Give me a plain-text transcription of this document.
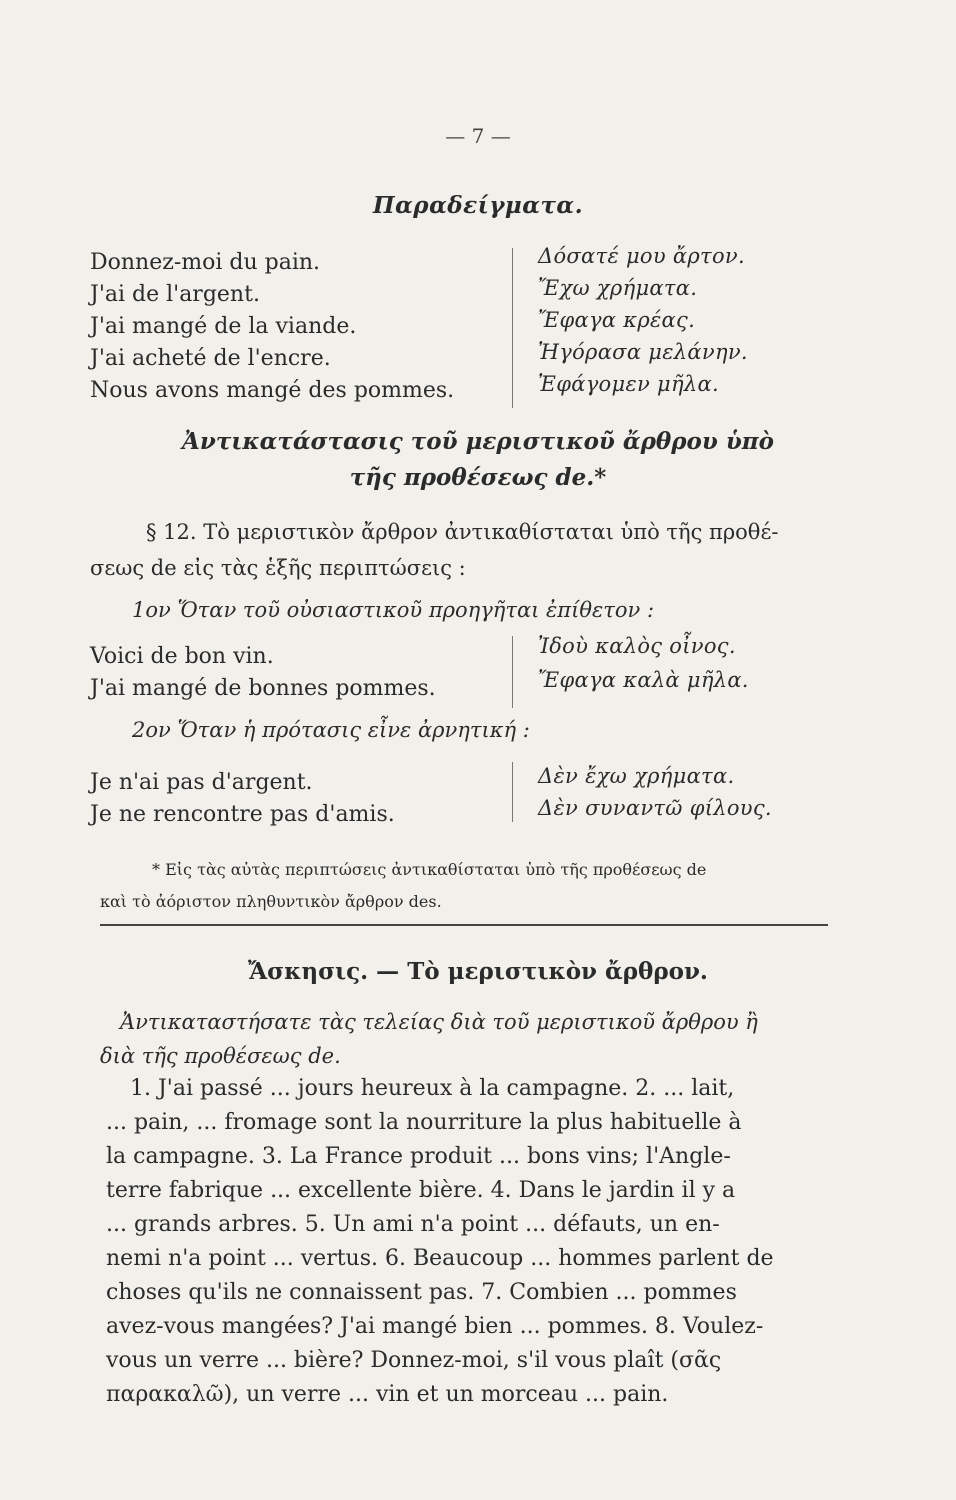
— 7 —
Παραδείγματα.
Donnez-moi du pain.
J'ai de l'argent.
J'ai mangé de la viande.
J'ai acheté de l'encre.
Nous avons mangé des pommes.
Δόσατέ μου ἄρτον.
Ἔχω χρήματα.
Ἔφαγα κρέας.
Ἠγόρασα μελάνην.
Ἐφάγομεν μῆλα.
Ἀντικατάστασις τοῦ μεριστικοῦ ἄρθρου ὑπὸ
τῆς προθέσεως de.*
§ 12. Τὸ μεριστικὸν ἄρθρον ἀντικαθίσταται ὑπὸ τῆς προθέ-
σεως de εἰς τὰς ἑξῆς περιπτώσεις :
1ον Ὅταν τοῦ οὐσιαστικοῦ προηγῆται ἐπίθετον :
Voici de bon vin.
J'ai mangé de bonnes pommes.
Ἰδοὺ καλὸς οἶνος.
Ἔφαγα καλὰ μῆλα.
2ον Ὅταν ἡ πρότασις εἶνε ἀρνητική :
Je n'ai pas d'argent.
Je ne rencontre pas d'amis.
Δὲν ἔχω χρήματα.
Δὲν συναντῶ φίλους.
* Εἰς τὰς αὐτὰς περιπτώσεις ἀντικαθίσταται ὑπὸ τῆς προθέσεως de
καὶ τὸ ἀόριστον πληθυντικὸν ἄρθρον des.
Ἄσκησις. — Τὸ μεριστικὸν ἄρθρον.
Ἀντικαταστήσατε τὰς τελείας διὰ τοῦ μεριστικοῦ ἄρθρου ἢ
διὰ τῆς προθέσεως de.
1. J'ai passé ... jours heureux à la campagne. 2. ... lait,
... pain, ... fromage sont la nourriture la plus habituelle à
la campagne. 3. La France produit ... bons vins; l'Angle-
terre fabrique ... excellente bière. 4. Dans le jardin il y a
... grands arbres. 5. Un ami n'a point ... défauts, un en-
nemi n'a point ... vertus. 6. Beaucoup ... hommes parlent de
choses qu'ils ne connaissent pas. 7. Combien ... pommes
avez-vous mangées? J'ai mangé bien ... pommes. 8. Voulez-
vous un verre ... bière? Donnez-moi, s'il vous plaît (σᾶς
παρακαλῶ), un verre ... vin et un morceau ... pain.
